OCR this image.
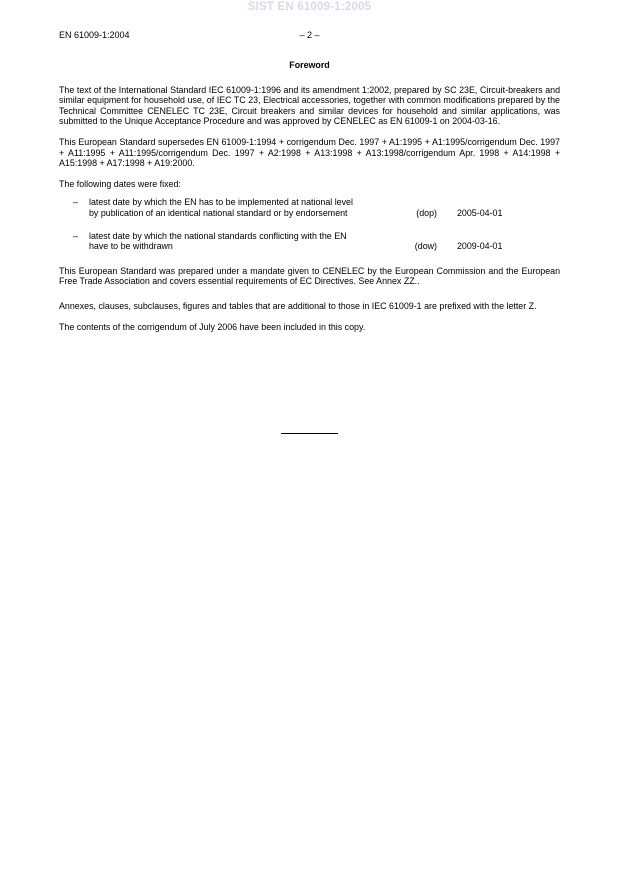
SIST EN 61009-1:2005
EN 61009-1:2004	– 2 –
Foreword

The text of the International Standard IEC 61009-1:1996 and its amendment 1:2002, prepared by SC 23E, Circuit-breakers and similar equipment for household use, of IEC TC 23, Electrical accessories, together with common modifications prepared by the Technical Committee CENELEC TC 23E, Circuit breakers and similar devices for household and similar applications, was submitted to the Unique Acceptance Procedure and was approved by CENELEC as EN 61009-1 on 2004-03-16.

This European Standard supersedes EN 61009-1:1994 + corrigendum Dec. 1997 + A1:1995 + A1:1995/corrigendum Dec. 1997 + A11:1995 + A11:1995/corrigendum Dec. 1997 + A2:1998 + A13:1998 + A13:1998/corrigendum Apr. 1998 + A14:1998 + A15:1998 + A17:1998 + A19:2000.

The following dates were fixed:

– latest date by which the EN has to be implemented at national level by publication of an identical national standard or by endorsement	(dop) 2005-04-01
– latest date by which the national standards conflicting with the EN have to be withdrawn	(dow) 2009-04-01

This European Standard was prepared under a mandate given to CENELEC by the European Commission and the European Free Trade Association and covers essential requirements of EC Directives. See Annex ZZ..

Annexes, clauses, subclauses, figures and tables that are additional to those in IEC 61009-1 are prefixed with the letter Z.

The contents of the corrigendum of July 2006 have been included in this copy.
